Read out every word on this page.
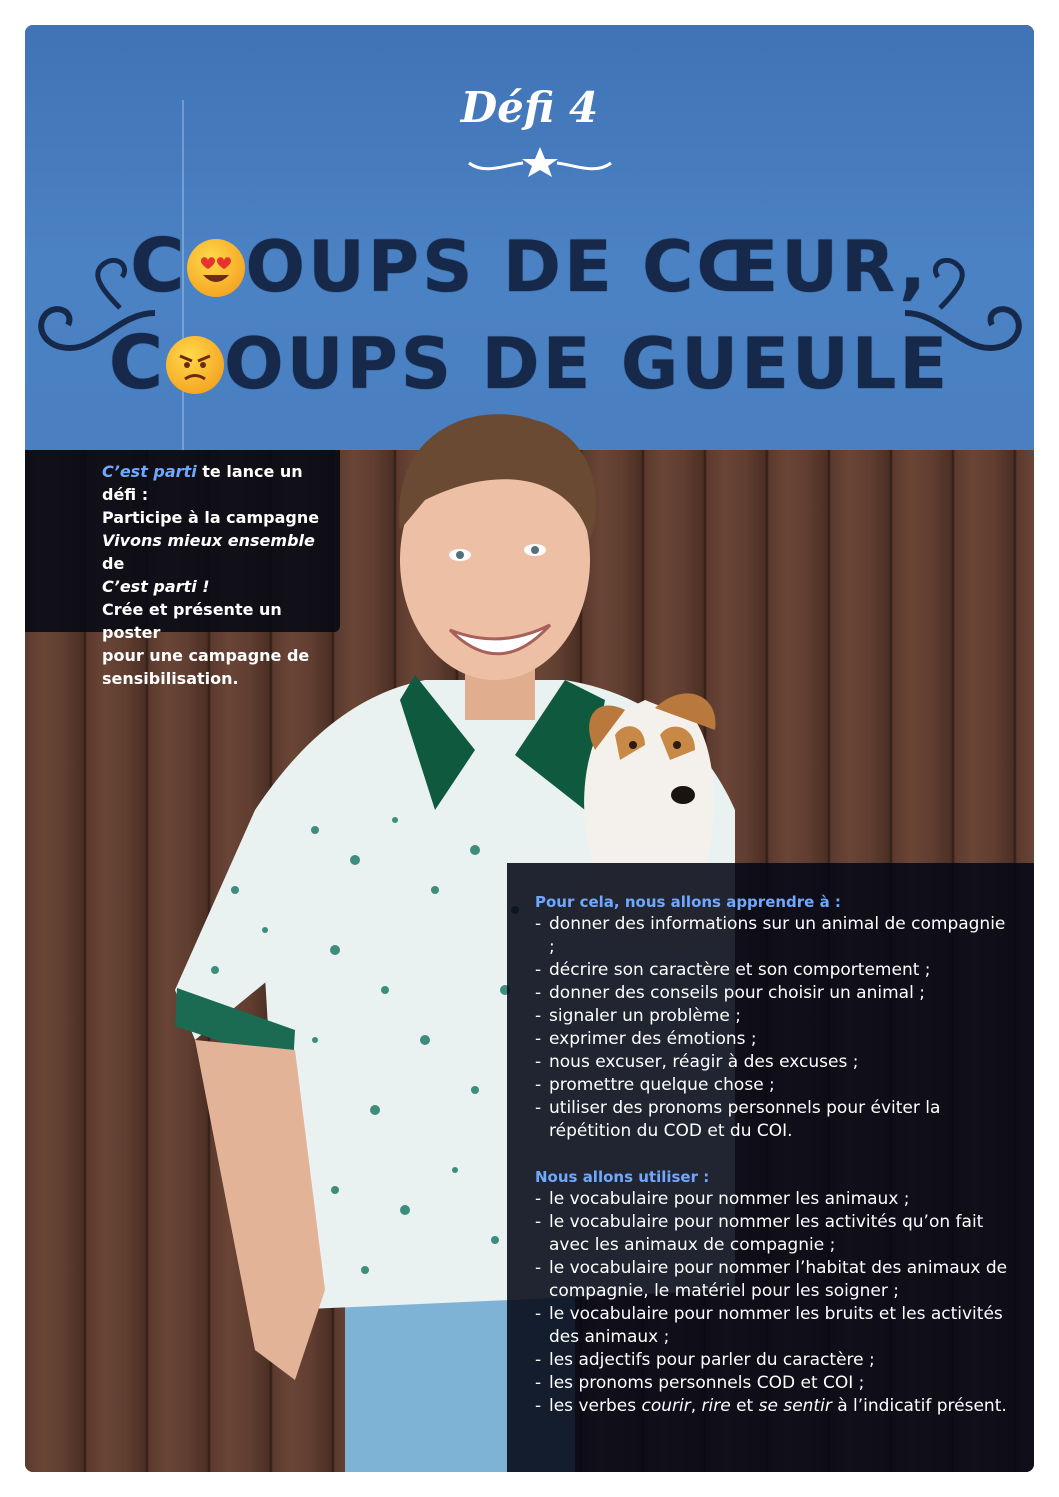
Défi 4
C OUPS DE CŒUR,
C OUPS DE GUEULE
C’est parti te lance un défi :
Participe à la campagne
Vivons mieux ensemble de
C’est parti !
Crée et présente un poster
pour une campagne de
sensibilisation.
Pour cela, nous allons apprendre à :
- donner des informations sur un animal de compagnie ;
- décrire son caractère et son comportement ;
- donner des conseils pour choisir un animal ;
- signaler un problème ;
- exprimer des émotions ;
- nous excuser, réagir à des excuses ;
- promettre quelque chose ;
- utiliser des pronoms personnels pour éviter la répétition du COD et du COI.
Nous allons utiliser :
- le vocabulaire pour nommer les animaux ;
- le vocabulaire pour nommer les activités qu’on fait avec les animaux de compagnie ;
- le vocabulaire pour nommer l’habitat des animaux de compagnie, le matériel pour les soigner ;
- le vocabulaire pour nommer les bruits et les activités des animaux ;
- les adjectifs pour parler du caractère ;
- les pronoms personnels COD et COI ;
- les verbes courir, rire et se sentir à l’indicatif présent.
